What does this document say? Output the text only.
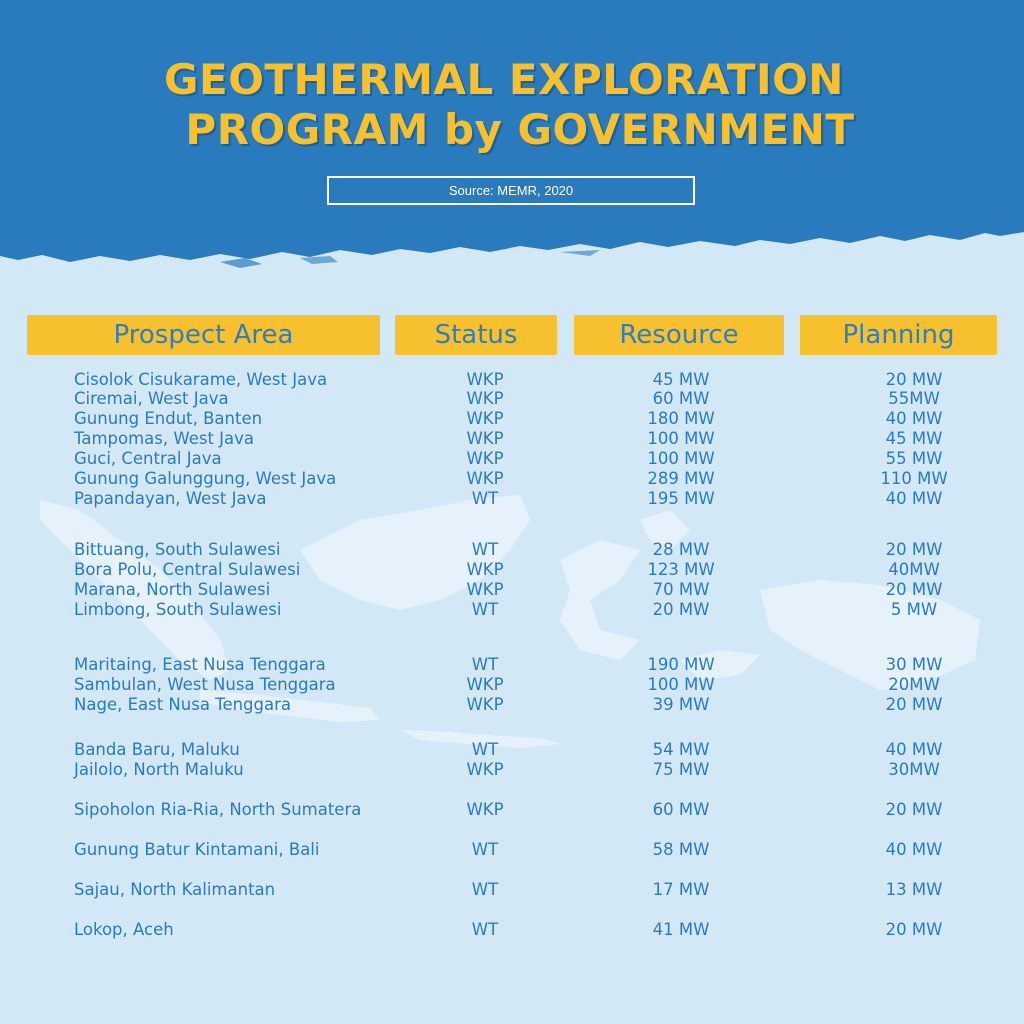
GEOTHERMAL EXPLORATION
PROGRAM by GOVERNMENT
Source: MEMR, 2020
Prospect Area	Status	Resource	Planning
Cisolok Cisukarame, West Java	WKP	45 MW	20 MW
Ciremai, West Java	WKP	60 MW	55MW
Gunung Endut, Banten	WKP	180 MW	40 MW
Tampomas, West Java	WKP	100 MW	45 MW
Guci, Central Java	WKP	100 MW	55 MW
Gunung Galunggung, West Java	WKP	289 MW	110 MW
Papandayan, West Java	WT	195 MW	40 MW
Bittuang, South Sulawesi	WT	28 MW	20 MW
Bora Polu, Central Sulawesi	WKP	123 MW	40MW
Marana, North Sulawesi	WKP	70 MW	20 MW
Limbong, South Sulawesi	WT	20 MW	5 MW
Maritaing, East Nusa Tenggara	WT	190 MW	30 MW
Sambulan, West Nusa Tenggara	WKP	100 MW	20MW
Nage, East Nusa Tenggara	WKP	39 MW	20 MW
Banda Baru, Maluku	WT	54 MW	40 MW
Jailolo, North Maluku	WKP	75 MW	30MW
Sipoholon Ria-Ria, North Sumatera	WKP	60 MW	20 MW
Gunung Batur Kintamani, Bali	WT	58 MW	40 MW
Sajau, North Kalimantan	WT	17 MW	13 MW
Lokop, Aceh	WT	41 MW	20 MW
